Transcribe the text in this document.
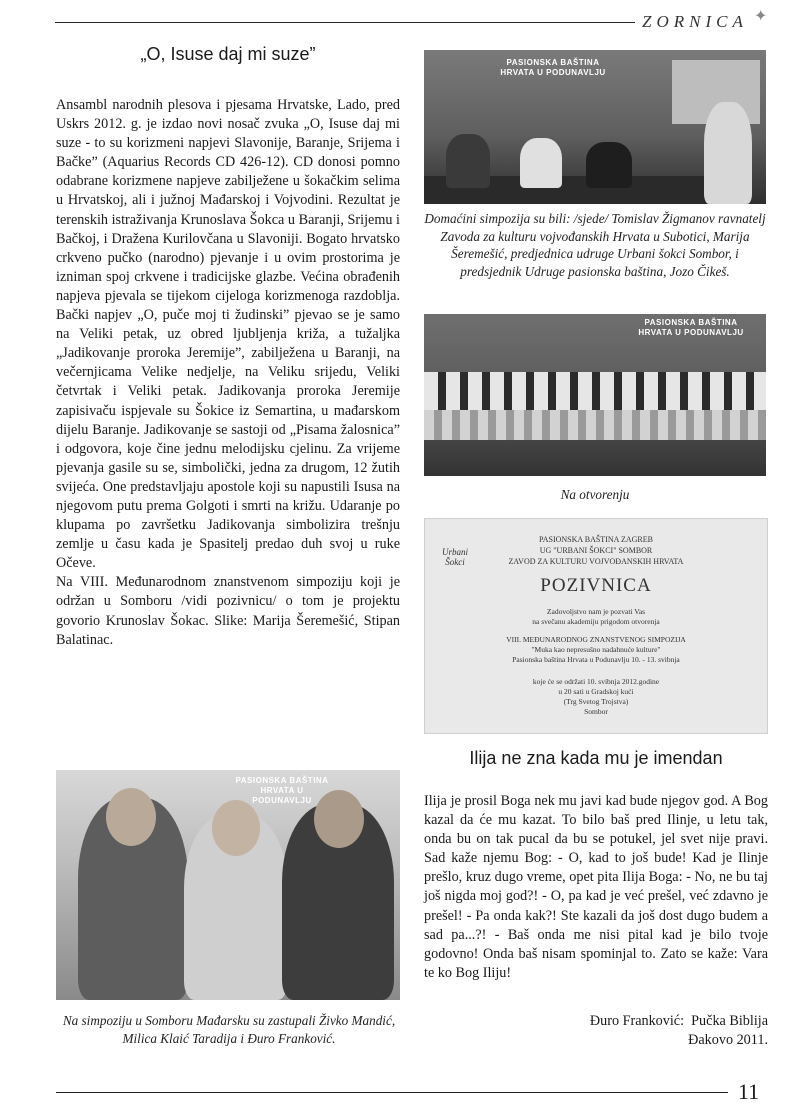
ZORNICA ✦
„O, Isuse daj mi suze”

Ansambl narodnih plesova i pjesama Hrvatske, Lado, pred Uskrs 2012. g. je izdao novi nosač zvuka „O, Isuse daj mi suze - to su korizmeni napjevi Slavonije, Baranje, Srijema i Bačke” (Aquarius Records CD 426-12). CD donosi pomno odabrane korizmene napjeve zabilježene u šokačkim selima u Hrvatskoj, ali i južnoj Mađarskoj i Vojvodini. Rezultat je terenskih istraživanja Krunoslava Šokca u Baranji, Srijemu i Bačkoj, i Dražena Kurilovčana u Slavoniji. Bogato hrvatsko crkveno pučko (narodno) pjevanje i u ovim prostorima je izniman spoj crkvene i tradicijske glazbe. Većina obrađenih napjeva pjevala se tijekom cijeloga korizmenoga razdoblja. Bački napjev „O, puče moj ti žudinski” pjevao se je samo na Veliki petak, uz obred ljubljenja križa, a tužaljka „Jadikovanje proroka Jeremije”, zabilježena u Baranji, na večernjicama Velike nedjelje, na Veliku srijedu, Veliki četvrtak i Veliki petak. Jadikovanja proroka Jeremije zapisivaču ispjevale su Šokice iz Semartina, u mađarskom dijelu Baranje. Jadikovanje se sastoji od „Pisama žalosnica” i odgovora, koje čine jednu melodijsku cjelinu. Za vrijeme pjevanja gasile su se, simbolički, jedna za drugom, 12 žutih svijeća. One predstavljaju apostole koji su napustili Isusa na njegovom putu prema Golgoti i smrti na križu. Udaranje po klupama po završetku Jadikovanja simbolizira trešnju zemlje u času kada je Spasitelj predao duh svoj u ruke Očeve.

Na VIII. Međunarodnom znanstvenom simpoziju koji je održan u Somboru /vidi pozivnicu/ o tom je projektu govorio Krunoslav Šokac. Slike: Marija Šeremešić, Stipan Balatinac.

PASIONSKA BAŠTINA
HRVATA U PODUNAVLJU
Na simpoziju u Somboru Mađarsku su zastupali Živko Mandić, Milica Klaić Taradija i Đuro Franković.
PASIONSKA BAŠTINA
HRVATA U PODUNAVLJU
Domaćini simpozija su bili: /sjede/ Tomislav Žigmanov ravnatelj Zavoda za kulturu vojvođanskih Hrvata u Subotici, Marija Šeremešić, predjednica udruge Urbani šokci Sombor, i predsjednik Udruge pasionska baština, Jozo Čikeš.
PASIONSKA BAŠTINA
HRVATA U PODUNAVLJU
Na otvorenju
Urbani Šokci
PASIONSKA BAŠTINA ZAGREB
UG "URBANI ŠOKCI" SOMBOR
ZAVOD ZA KULTURU VOJVOĐANSKIH HRVATA
POZIVNICA
Zadovoljstvo nam je pozvati Vas
na svečanu akademiju prigodom otvorenja
VIII. MEĐUNARODNOG ZNANSTVENOG SIMPOZIJA
"Muka kao nepresušno nadahnuće kulture"
Pasionska baština Hrvata u Podunavlju 10. - 13. svibnja
koje će se održati 10. svibnja 2012.godine
u 20 sati u Gradskoj kući
(Trg Svetog Trojstva)
Sombor
Ilija ne zna kada mu je imendan

Ilija je prosil Boga nek mu javi kad bude njegov god. A Bog kazal da će mu kazat. To bilo baš pred Ilinje, u letu tak, onda bu on tak pucal da bu se potukel, jel svet nije pravi. Sad kaže njemu Bog: - O, kad to još bude! Kad je Ilinje prešlo, kruz dugo vreme, opet pita Ilija Boga: - No, ne bu taj još nigda moj god?! - O, pa kad je već prešel, već zdavno je prešel! - Pa onda kak?! Ste kazali da još dost dugo budem a sad pa...?! - Baš onda me nisi pital kad je bilo tvoje godovno! Onda baš nisam spominjal to. Zato se kaže: Vara te ko Bog Iliju!

Đuro Franković: Pučka Biblija
Đakovo 2011.
11
